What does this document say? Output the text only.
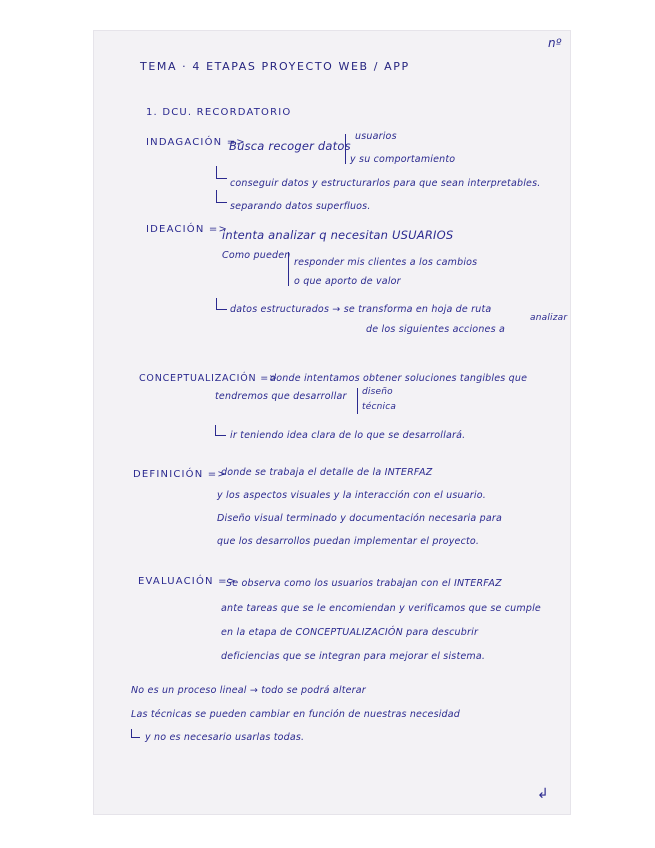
nº
TEMA · 4 ETAPAS PROYECTO WEB / APP
1. DCU. RECORDATORIO
INDAGACIÓN =>
Busca recoger datos
usuarios
y su comportamiento
conseguir datos y estructurarlos para que sean interpretables.
separando datos superfluos.
IDEACIÓN =>
intenta analizar q necesitan USUARIOS
Como pueden
responder mis clientes a los cambios
o que aporto de valor
datos estructurados → se transforma en hoja de ruta
analizar
de los siguientes acciones a
CONCEPTUALIZACIÓN =>
donde intentamos obtener soluciones tangibles que
tendremos que desarrollar diseño
técnica
ir teniendo idea clara de lo que se desarrollará.
DEFINICIÓN =>
donde se trabaja el detalle de la INTERFAZ
y los aspectos visuales y la interacción con el usuario.
Diseño visual terminado y documentación necesaria para
que los desarrollos puedan implementar el proyecto.
EVALUACIÓN =>
Se observa como los usuarios trabajan con el INTERFAZ
ante tareas que se le encomiendan y verificamos que se cumple
en la etapa de CONCEPTUALIZACIÓN para descubrir
deficiencias que se integran para mejorar el sistema.
No es un proceso lineal → todo se podrá alterar
Las técnicas se pueden cambiar en función de nuestras necesidad
y no es necesario usarlas todas.
↲
